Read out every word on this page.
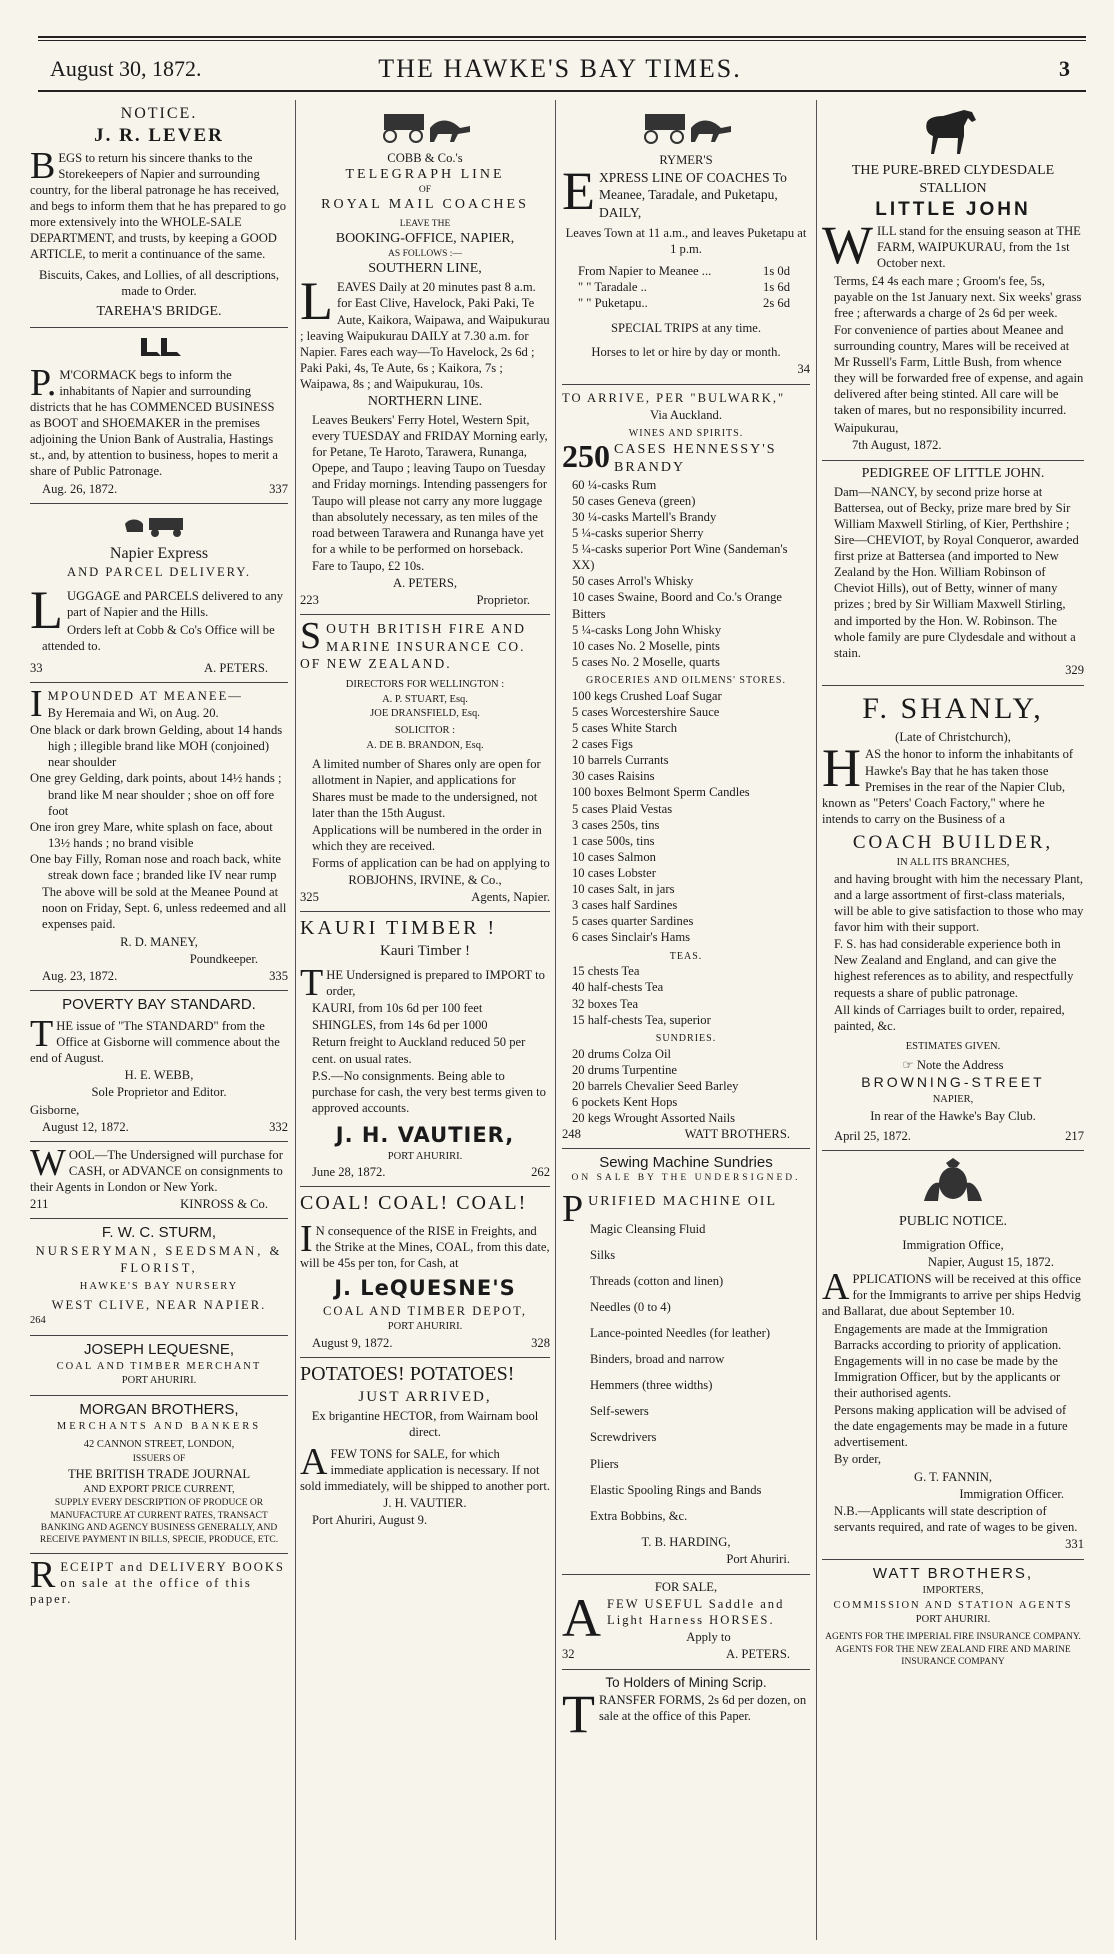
August 30, 1872.	THE HAWKE'S BAY TIMES.	3
NOTICE.
J. R. LEVER

BEGS to return his sincere thanks to the Storekeepers of Napier and surrounding country, for the liberal patronage he has received, and begs to inform them that he has prepared to go more extensively into the WHOLE-SALE DEPARTMENT, and trusts, by keeping a GOOD ARTICLE, to merit a continuance of the same.

Biscuits, Cakes, and Lollies, of all descriptions, made to Order.

TAREHA'S BRIDGE.

P.M'CORMACK begs to inform the inhabitants of Napier and surrounding districts that he has COMMENCED BUSINESS as BOOT and SHOEMAKER in the premises adjoining the Union Bank of Australia, Hastings st., and, by attention to business, hopes to merit a share of Public Patronage.

Aug. 26, 1872.	337
Napier Express
AND PARCEL DELIVERY.

LUGGAGE and PARCELS delivered to any part of Napier and the Hills.

Orders left at Cobb & Co's Office will be attended to.

33	A. PETERS.

IMPOUNDED AT MEANEE—

By Heremaia and Wi, on Aug. 20.

One black or dark brown Gelding, about 14 hands high ; illegible brand like MOH (conjoined) near shoulder

One grey Gelding, dark points, about 14½ hands ; brand like M near shoulder ; shoe on off fore foot

One iron grey Mare, white splash on face, about 13½ hands ; no brand visible

One bay Filly, Roman nose and roach back, white streak down face ; branded like IV near rump

The above will be sold at the Meanee Pound at noon on Friday, Sept. 6, unless redeemed and all expenses paid.

R. D. MANEY,

Poundkeeper.

Aug. 23, 1872.	335
POVERTY BAY STANDARD.

THE issue of "The STANDARD" from the Office at Gisborne will commence about the end of August.

H. E. WEBB,

Sole Proprietor and Editor.

Gisborne,

August 12, 1872.	332

WOOL—The Undersigned will purchase for CASH, or ADVANCE on consignments to their Agents in London or New York.

211	KINROSS & Co.
F. W. C. STURM,

NURSERYMAN, SEEDSMAN, & FLORIST,

HAWKE'S BAY NURSERY

WEST CLIVE, NEAR NAPIER.

264

JOSEPH LEQUESNE,

COAL AND TIMBER MERCHANT

PORT AHURIRI.

MORGAN BROTHERS,

MERCHANTS AND BANKERS

42 CANNON STREET, LONDON,

ISSUERS OF

THE BRITISH TRADE JOURNAL

AND EXPORT PRICE CURRENT,

SUPPLY EVERY DESCRIPTION OF PRODUCE OR MANUFACTURE AT CURRENT RATES, TRANSACT BANKING AND AGENCY BUSINESS GENERALLY, AND RECEIVE PAYMENT IN BILLS, SPECIE, PRODUCE, ETC.

RECEIPT and DELIVERY BOOKS on sale at the office of this paper.

COBB & Co.'s
TELEGRAPH LINE
OF
ROYAL MAIL COACHES
LEAVE THE
BOOKING-OFFICE, NAPIER,
AS FOLLOWS :—
SOUTHERN LINE,

LEAVES Daily at 20 minutes past 8 a.m. for East Clive, Havelock, Paki Paki, Te Aute, Kaikora, Waipawa, and Waipukurau ; leaving Waipukurau DAILY at 7.30 a.m. for Napier. Fares each way—To Havelock, 2s 6d ; Paki Paki, 4s, Te Aute, 6s ; Kaikora, 7s ; Waipawa, 8s ; and Waipukurau, 10s.

NORTHERN LINE.

Leaves Beukers' Ferry Hotel, Western Spit, every TUESDAY and FRIDAY Morning early, for Petane, Te Haroto, Tarawera, Runanga, Opepe, and Taupo ; leaving Taupo on Tuesday and Friday mornings. Intending passengers for Taupo will please not carry any more luggage than absolutely necessary, as ten miles of the road between Tarawera and Runanga have yet for a while to be performed on horseback.

Fare to Taupo, £2 10s.

A. PETERS,

223	Proprietor.

SOUTH BRITISH FIRE AND MARINE INSURANCE CO. OF NEW ZEALAND.

DIRECTORS FOR WELLINGTON :

A. P. STUART, Esq.

JOE DRANSFIELD, Esq.

SOLICITOR :

A. DE B. BRANDON, Esq.

A limited number of Shares only are open for allotment in Napier, and applications for Shares must be made to the undersigned, not later than the 15th August.

Applications will be numbered in the order in which they are received.

Forms of application can be had on applying to

ROBJOHNS, IRVINE, & Co.,

325	Agents, Napier.
KAURI TIMBER !
Kauri Timber !

THE Undersigned is prepared to IMPORT to order,

KAURI, from 10s 6d per 100 feet

SHINGLES, from 14s 6d per 1000

Return freight to Auckland reduced 50 per cent. on usual rates.

P.S.—No consignments. Being able to purchase for cash, the very best terms given to approved accounts.

J. H. VAUTIER,

PORT AHURIRI.

June 28, 1872.	262
COAL! COAL! COAL!

IN consequence of the RISE in Freights, and the Strike at the Mines, COAL, from this date, will be 45s per ton, for Cash, at

J. LeQUESNE'S

COAL AND TIMBER DEPOT,

PORT AHURIRI.

August 9, 1872.	328
POTATOES! POTATOES!
JUST ARRIVED,

Ex brigantine HECTOR, from Wairnam bool direct.

AFEW TONS for SALE, for which immediate application is necessary. If not sold immediately, will be shipped to another port.

J. H. VAUTIER.

Port Ahuriri, August 9.

RYMER'S

EXPRESS LINE OF COACHES To Meanee, Taradale, and Puketapu, DAILY,

Leaves Town at 11 a.m., and leaves Puketapu at 1 p.m.

From Napier to Meanee ...	1s 0d
" " Taradale ..	1s 6d
" " Puketapu..	2s 6d

SPECIAL TRIPS at any time.

Horses to let or hire by day or month.

34

TO ARRIVE, PER "BULWARK,"

Via Auckland.

WINES AND SPIRITS.
250 CASES HENNESSY'S BRANDY

60 ¼-casks Rum

50 cases Geneva (green)

30 ¼-casks Martell's Brandy

5 ¼-casks superior Sherry

5 ¼-casks superior Port Wine (Sandeman's XX)

50 cases Arrol's Whisky

10 cases Swaine, Boord and Co.'s Orange Bitters

5 ¼-casks Long John Whisky

10 cases No. 2 Moselle, pints

5 cases No. 2 Moselle, quarts

GROCERIES AND OILMENS' STORES.

100 kegs Crushed Loaf Sugar

5 cases Worcestershire Sauce

5 cases White Starch

2 cases Figs

10 barrels Currants

30 cases Raisins

100 boxes Belmont Sperm Candles

5 cases Plaid Vestas

3 cases 250s, tins

1 case 500s, tins

10 cases Salmon

10 cases Lobster

10 cases Salt, in jars

3 cases half Sardines

5 cases quarter Sardines

6 cases Sinclair's Hams

TEAS.

15 chests Tea

40 half-chests Tea

32 boxes Tea

15 half-chests Tea, superior

SUNDRIES.

20 drums Colza Oil

20 drums Turpentine

20 barrels Chevalier Seed Barley

6 pockets Kent Hops

20 kegs Wrought Assorted Nails

248	WATT BROTHERS.
Sewing Machine Sundries
ON SALE BY THE UNDERSIGNED.

PURIFIED MACHINE OIL

Magic Cleansing Fluid

Silks

Threads (cotton and linen)

Needles (0 to 4)

Lance-pointed Needles (for leather)

Binders, broad and narrow

Hemmers (three widths)

Self-sewers

Screwdrivers

Pliers

Elastic Spooling Rings and Bands

Extra Bobbins, &c.

T. B. HARDING,

Port Ahuriri.

FOR SALE,

AFEW USEFUL Saddle and Light Harness HORSES.

Apply to

32	A. PETERS.
To Holders of Mining Scrip.

TRANSFER FORMS, 2s 6d per dozen, on sale at the office of this Paper.

THE PURE-BRED CLYDESDALE STALLION
LITTLE JOHN

WILL stand for the ensuing season at THE FARM, WAIPUKURAU, from the 1st October next.

Terms, £4 4s each mare ; Groom's fee, 5s, payable on the 1st January next. Six weeks' grass free ; afterwards a charge of 2s 6d per week.

For convenience of parties about Meanee and surrounding country, Mares will be received at Mr Russell's Farm, Little Bush, from whence they will be forwarded free of expense, and again delivered after being stinted. All care will be taken of mares, but no responsibility incurred.

Waipukurau,

7th August, 1872.

PEDIGREE OF LITTLE JOHN.

Dam—NANCY, by second prize horse at Battersea, out of Becky, prize mare bred by Sir William Maxwell Stirling, of Kier, Perthshire ; Sire—CHEVIOT, by Royal Conqueror, awarded first prize at Battersea (and imported to New Zealand by the Hon. William Robinson of Cheviot Hills), out of Betty, winner of many prizes ; bred by Sir William Maxwell Stirling, and imported by the Hon. W. Robinson. The whole family are pure Clydesdale and without a stain.

329

F. SHANLY,

(Late of Christchurch),

HAS the honor to inform the inhabitants of Hawke's Bay that he has taken those Premises in the rear of the Napier Club, known as "Peters' Coach Factory," where he intends to carry on the Business of a

COACH BUILDER,

IN ALL ITS BRANCHES,

and having brought with him the necessary Plant, and a large assortment of first-class materials, will be able to give satisfaction to those who may favor him with their support.

F. S. has had considerable experience both in New Zealand and England, and can give the highest references as to ability, and respectfully requests a share of public patronage.

All kinds of Carriages built to order, repaired, painted, &c.

ESTIMATES GIVEN.

☞ Note the Address

BROWNING-STREET

NAPIER,

In rear of the Hawke's Bay Club.

April 25, 1872.	217
PUBLIC NOTICE.

Immigration Office,

Napier, August 15, 1872.

APPLICATIONS will be received at this office for the Immigrants to arrive per ships Hedvig and Ballarat, due about September 10.

Engagements are made at the Immigration Barracks according to priority of application. Engagements will in no case be made by the Immigration Officer, but by the applicants or their authorised agents.

Persons making application will be advised of the date engagements may be made in a future advertisement.

By order,

G. T. FANNIN,

Immigration Officer.

N.B.—Applicants will state description of servants required, and rate of wages to be given.

331

WATT BROTHERS,

IMPORTERS,

COMMISSION AND STATION AGENTS

PORT AHURIRI.

AGENTS FOR THE IMPERIAL FIRE INSURANCE COMPANY.

AGENTS FOR THE NEW ZEALAND FIRE AND MARINE INSURANCE COMPANY
